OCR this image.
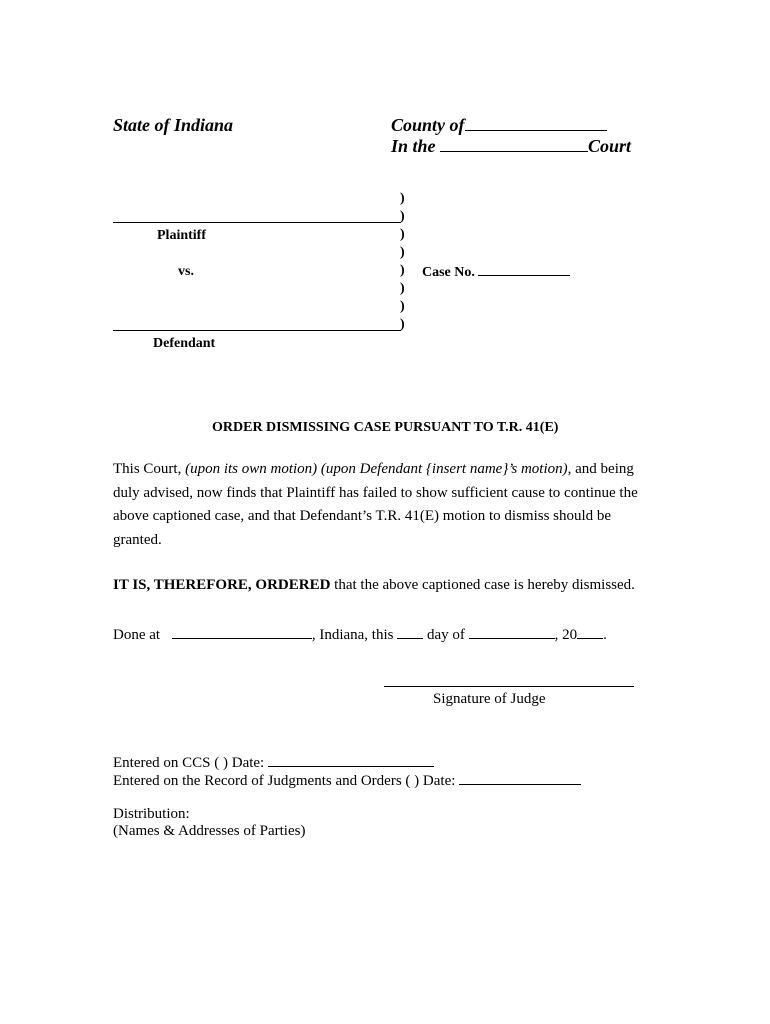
State of Indiana	County of
In the	Court
)
)
)
)
)
)
)
)
Plaintiff
vs.	Case No.
Defendant
ORDER DISMISSING CASE PURSUANT TO T.R. 41(E)
This Court, (upon its own motion) (upon Defendant {insert name}’s motion), and being duly advised, now finds that Plaintiff has failed to show sufficient cause to continue the above captioned case, and that Defendant’s T.R. 41(E) motion to dismiss should be granted.
IT IS, THEREFORE, ORDERED that the above captioned case is hereby dismissed.
Done at	, Indiana, this day of	, 20 .
Signature of Judge
Entered on CCS ( ) Date:
Entered on the Record of Judgments and Orders ( ) Date:
Distribution:
(Names & Addresses of Parties)
